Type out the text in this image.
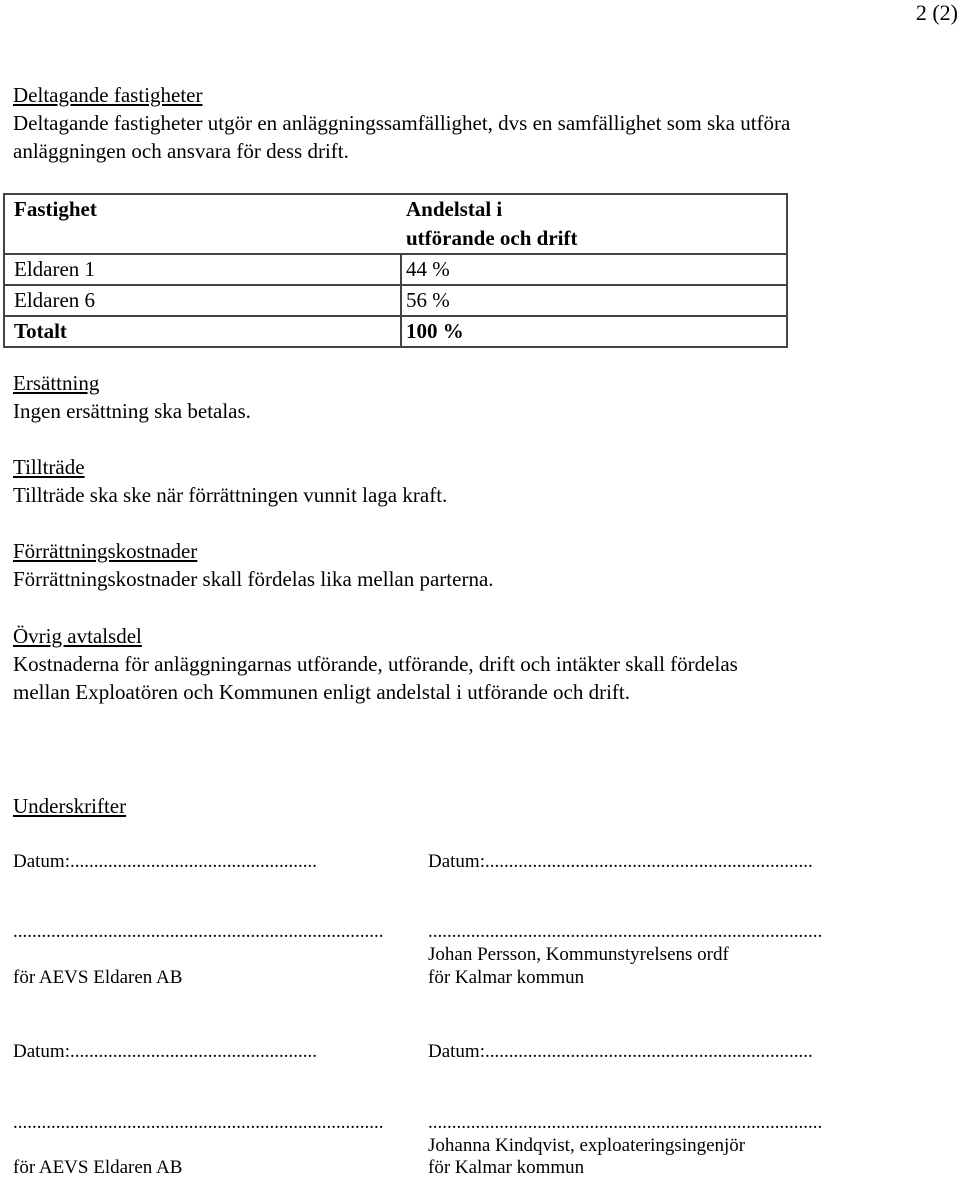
2 (2)
Deltagande fastigheter
Deltagande fastigheter utgör en anläggningssamfällighet, dvs en samfällighet som ska utföra anläggningen och ansvara för dess drift.
Fastighet	Andelstal i
utförande och drift
Eldaren 1	44 %
Eldaren 6	56 %
Totalt	100 %
Ersättning
Ingen ersättning ska betalas.
Tillträde
Tillträde ska ske när förrättningen vunnit laga kraft.
Förrättningskostnader
Förrättningskostnader skall fördelas lika mellan parterna.
Övrig avtalsdel
Kostnaderna för anläggningarnas utförande, utförande, drift och intäkter skall fördelas mellan Exploatören och Kommunen enligt andelstal i utförande och drift.
Underskrifter
Datum:....................................................	Datum:.....................................................................
.............................................................................. ...................................................................................
Johan Persson, Kommunstyrelsens ordf
för AEVS Eldaren AB	för Kalmar kommun
Datum:....................................................	Datum:.....................................................................
.............................................................................. ...................................................................................
Johanna Kindqvist, exploateringsingenjör
för AEVS Eldaren AB	för Kalmar kommun
